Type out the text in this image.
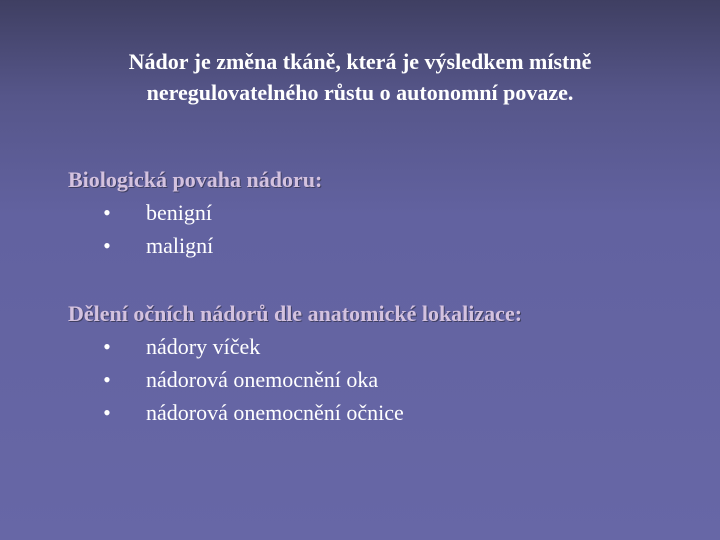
Nádor je změna tkáně, která je výsledkem místně
neregulovatelného růstu o autonomní povaze.
Biologická povaha nádoru:
•	benigní
•	maligní
Dělení očních nádorů dle anatomické lokalizace:
•	nádory víček
•	nádorová onemocnění oka
•	nádorová onemocnění očnice
